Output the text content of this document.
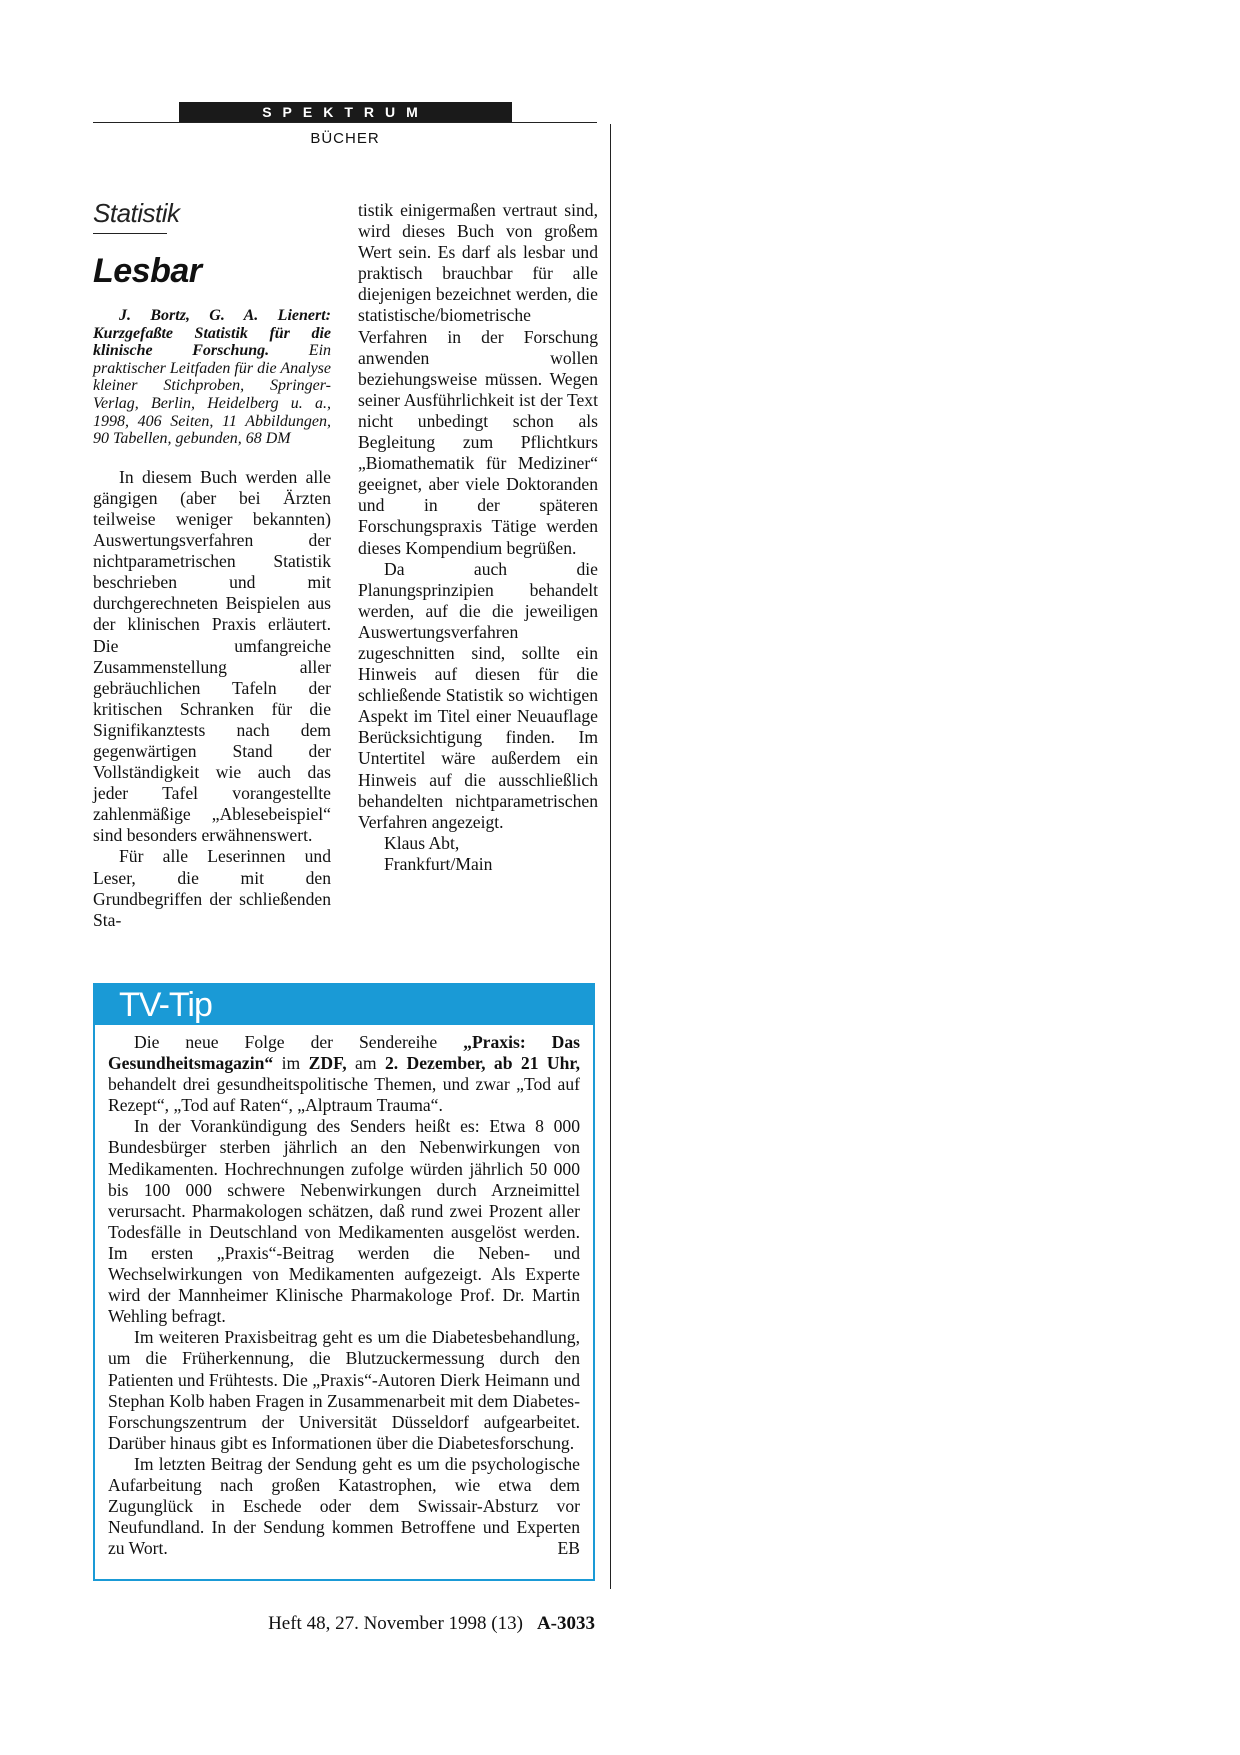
SPEKTRUM
BÜCHER
Statistik
Lesbar

J. Bortz, G. A. Lienert: Kurzgefaßte Statistik für die klinische Forschung. Ein praktischer Leitfaden für die Analyse kleiner Stichproben, Springer-Verlag, Berlin, Heidelberg u. a., 1998, 406 Seiten, 11 Abbildungen, 90 Tabellen, gebunden, 68 DM

In diesem Buch werden alle gängigen (aber bei Ärzten teilweise weniger bekannten) Auswertungsverfahren der nichtparametrischen Statistik beschrieben und mit durchgerechneten Beispielen aus der klinischen Praxis erläutert. Die umfangreiche Zusammenstellung aller gebräuchlichen Tafeln der kritischen Schranken für die Signifikanztests nach dem gegenwärtigen Stand der Vollständigkeit wie auch das jeder Tafel vorangestellte zahlenmäßige „Ablesebeispiel“ sind besonders erwähnenswert.

Für alle Leserinnen und Leser, die mit den Grundbegriffen der schließenden Sta-

tistik einigermaßen vertraut sind, wird dieses Buch von großem Wert sein. Es darf als lesbar und praktisch brauchbar für alle diejenigen bezeichnet werden, die statistische/biometrische Verfahren in der Forschung anwenden wollen beziehungsweise müssen. Wegen seiner Ausführlichkeit ist der Text nicht unbedingt schon als Begleitung zum Pflichtkurs „Biomathematik für Mediziner“ geeignet, aber viele Doktoranden und in der späteren Forschungspraxis Tätige werden dieses Kompendium begrüßen.

Da auch die Planungsprinzipien behandelt werden, auf die die jeweiligen Auswertungsverfahren zugeschnitten sind, sollte ein Hinweis auf diesen für die schließende Statistik so wichtigen Aspekt im Titel einer Neuauflage Berücksichtigung finden. Im Untertitel wäre außerdem ein Hinweis auf die ausschließlich behandelten nichtparametrischen Verfahren angezeigt.

Klaus Abt,

Frankfurt/Main

TV-Tip

Die neue Folge der Sendereihe „Praxis: Das Gesundheitsmagazin“ im ZDF, am 2. Dezember, ab 21 Uhr, behandelt drei gesundheitspolitische Themen, und zwar „Tod auf Rezept“, „Tod auf Raten“, „Alptraum Trauma“.

In der Vorankündigung des Senders heißt es: Etwa 8 000 Bundesbürger sterben jährlich an den Nebenwirkungen von Medikamenten. Hochrechnungen zufolge würden jährlich 50 000 bis 100 000 schwere Nebenwirkungen durch Arzneimittel verursacht. Pharmakologen schätzen, daß rund zwei Prozent aller Todesfälle in Deutschland von Medikamenten ausgelöst werden. Im ersten „Praxis“-Beitrag werden die Neben- und Wechselwirkungen von Medikamenten aufgezeigt. Als Experte wird der Mannheimer Klinische Pharmakologe Prof. Dr. Martin Wehling befragt.

Im weiteren Praxisbeitrag geht es um die Diabetesbehandlung, um die Früherkennung, die Blutzuckermessung durch den Patienten und Frühtests. Die „Praxis“-Autoren Dierk Heimann und Stephan Kolb haben Fragen in Zusammenarbeit mit dem Diabetes-Forschungszentrum der Universität Düsseldorf aufgearbeitet. Darüber hinaus gibt es Informationen über die Diabetesforschung.

Im letzten Beitrag der Sendung geht es um die psychologische Aufarbeitung nach großen Katastrophen, wie etwa dem Zugunglück in Eschede oder dem Swissair-Absturz vor Neufundland. In der Sendung kommen Betroffene und Experten zu Wort.	EB

Heft 48, 27. November 1998 (13) A-3033
